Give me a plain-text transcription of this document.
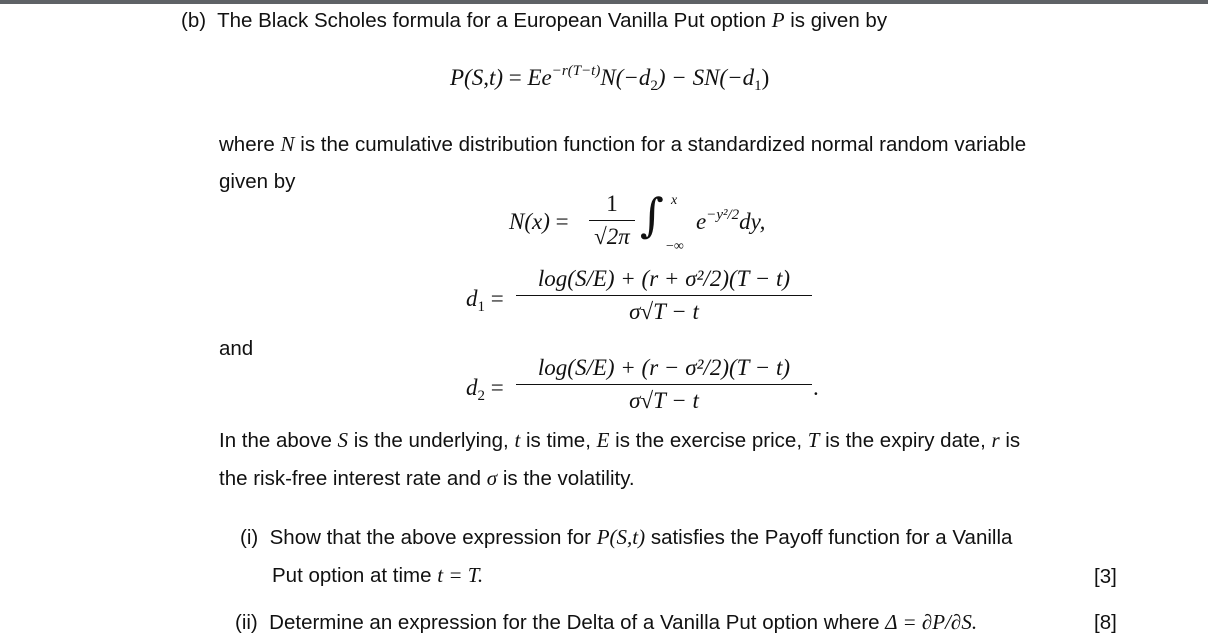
(b) The Black Scholes formula for a European Vanilla Put option P is given by
$P(S,t) = Ee^{-r(T-t)}N(-d_2) - SN(-d_1)$
where N is the cumulative distribution function for a standardized normal random variable
given by
N(x) =
1
√2π ∫ x
−∞
$e^{-y^2/2}dy$,
$d_1$ =
log(S/E) + (r + σ²/2)(T − t)
σ√T − t
and
$d_2$ =
log(S/E) + (r − σ²/2)(T − t)
σ√T − t
.
In the above S is the underlying, t is time, E is the exercise price, T is the expiry date, r is
the risk-free interest rate and σ is the volatility.
(i) Show that the above expression for P(S,t) satisfies the Payoff function for a Vanilla
Put option at time t = T.	[3]
(ii) Determine an expression for the Delta of a Vanilla Put option where Δ = ∂P/∂S.	[8]
